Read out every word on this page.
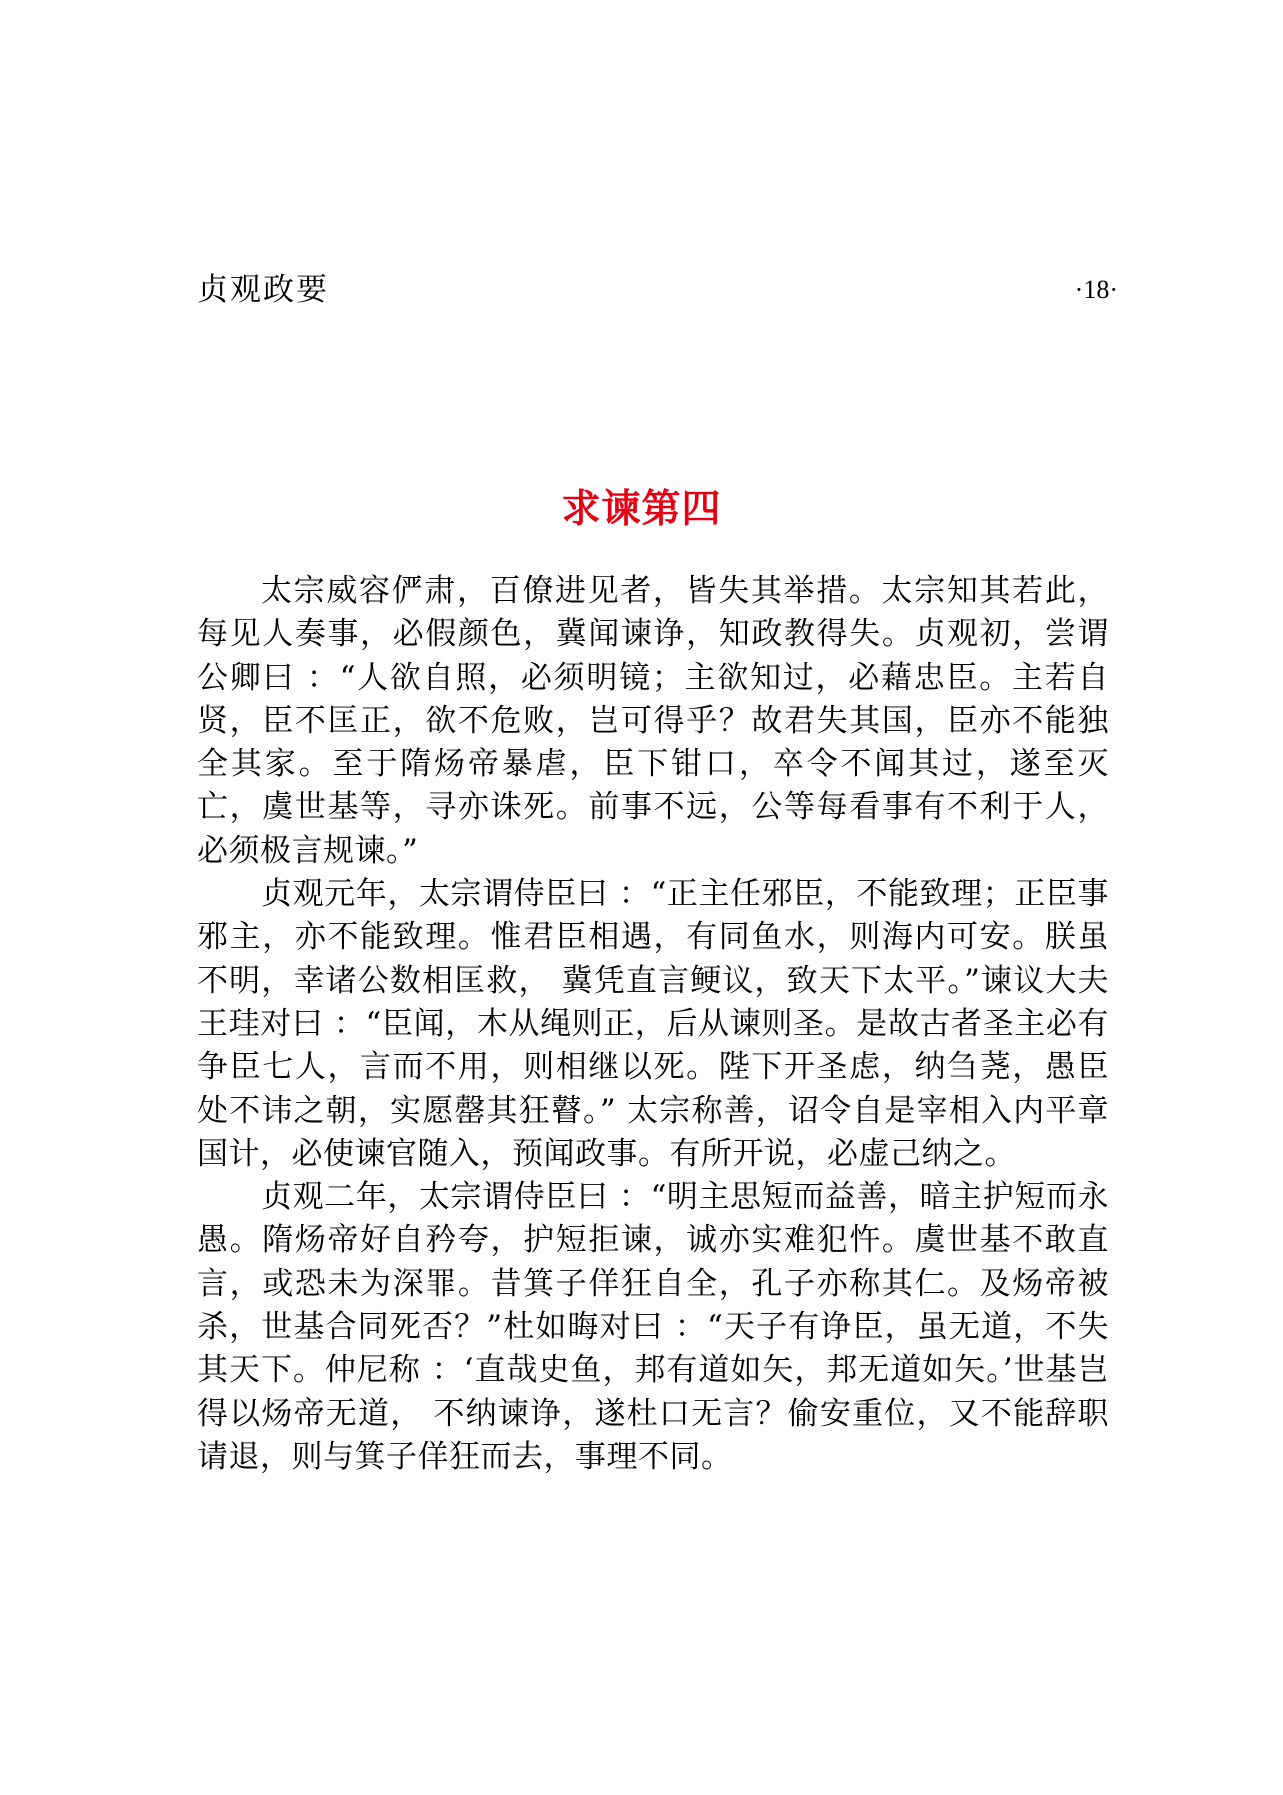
贞观政要	·18·
求谏第四

太宗威容俨肃，百僚进见者，皆失其举措。太宗知其若此，每见人奏事，必假颜色，冀闻谏诤，知政教得失。贞观初，尝谓公卿曰 ：“人欲自照，必须明镜；主欲知过，必藉忠臣。主若自贤，臣不匡正，欲不危败，岂可得乎？故君失其国，臣亦不能独全其家。至于隋炀帝暴虐，臣下钳口，卒令不闻其过，遂至灭亡，虞世基等，寻亦诛死。前事不远，公等每看事有不利于人，必须极言规谏。”

贞观元年，太宗谓侍臣曰 ：“正主任邪臣，不能致理；正臣事邪主，亦不能致理。惟君臣相遇，有同鱼水，则海内可安。朕虽不明，幸诸公数相匡救， 冀凭直言鲠议，致天下太平。”谏议大夫王珪对曰 ：“臣闻，木从绳则正，后从谏则圣。是故古者圣主必有争臣七人，言而不用，则相继以死。陛下开圣虑，纳刍荛，愚臣处不讳之朝，实愿罄其狂瞽。” 太宗称善，诏令自是宰相入内平章国计，必使谏官随入，预闻政事。有所开说，必虚己纳之。

贞观二年，太宗谓侍臣曰 ：“明主思短而益善，暗主护短而永愚。隋炀帝好自矜夸，护短拒谏，诚亦实难犯忤。虞世基不敢直言，或恐未为深罪。昔箕子佯狂自全，孔子亦称其仁。及炀帝被杀，世基合同死否？”杜如晦对曰 ：“天子有诤臣，虽无道，不失其天下。仲尼称 ：‘直哉史鱼，邦有道如矢，邦无道如矢。’世基岂得以炀帝无道， 不纳谏诤，遂杜口无言？偷安重位，又不能辞职请退，则与箕子佯狂而去，事理不同。
